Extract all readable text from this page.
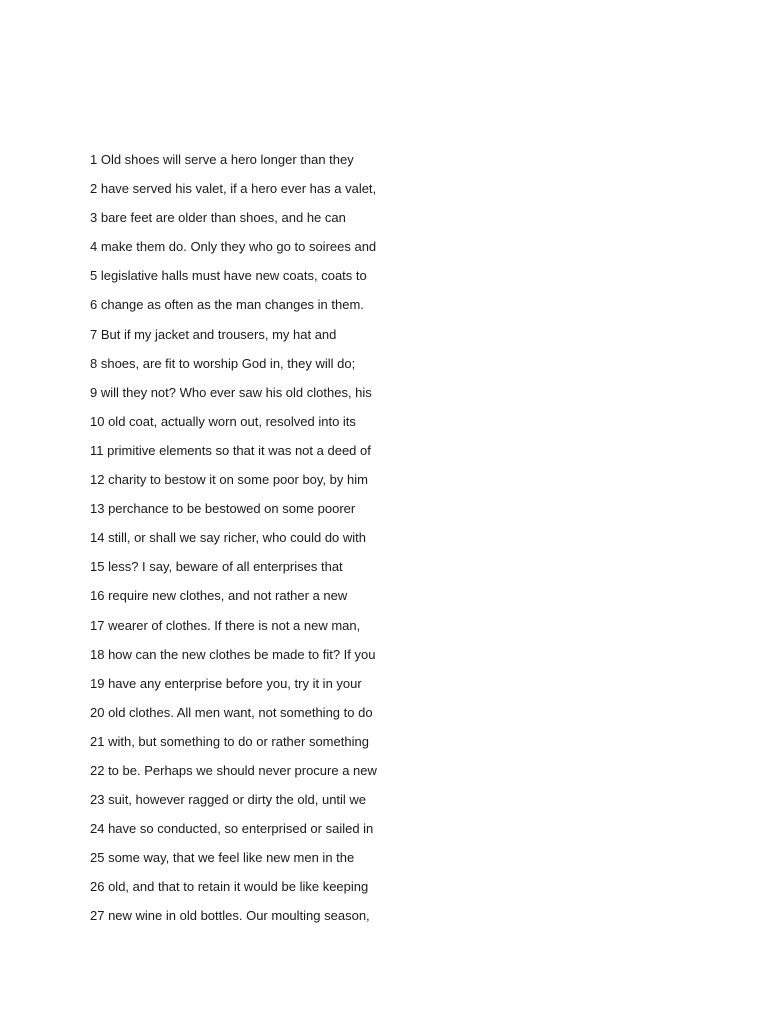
1 Old shoes will serve a hero longer than they
2 have served his valet, if a hero ever has a valet,
3 bare feet are older than shoes, and he can
4 make them do. Only they who go to soirees and
5 legislative halls must have new coats, coats to
6 change as often as the man changes in them.
7 But if my jacket and trousers, my hat and
8 shoes, are fit to worship God in, they will do;
9 will they not? Who ever saw his old clothes, his
10 old coat, actually worn out, resolved into its
11 primitive elements so that it was not a deed of
12 charity to bestow it on some poor boy, by him
13 perchance to be bestowed on some poorer
14 still, or shall we say richer, who could do with
15 less? I say, beware of all enterprises that
16 require new clothes, and not rather a new
17 wearer of clothes. If there is not a new man,
18 how can the new clothes be made to fit? If you
19 have any enterprise before you, try it in your
20 old clothes. All men want, not something to do
21 with, but something to do or rather something
22 to be. Perhaps we should never procure a new
23 suit, however ragged or dirty the old, until we
24 have so conducted, so enterprised or sailed in
25 some way, that we feel like new men in the
26 old, and that to retain it would be like keeping
27 new wine in old bottles. Our moulting season,
